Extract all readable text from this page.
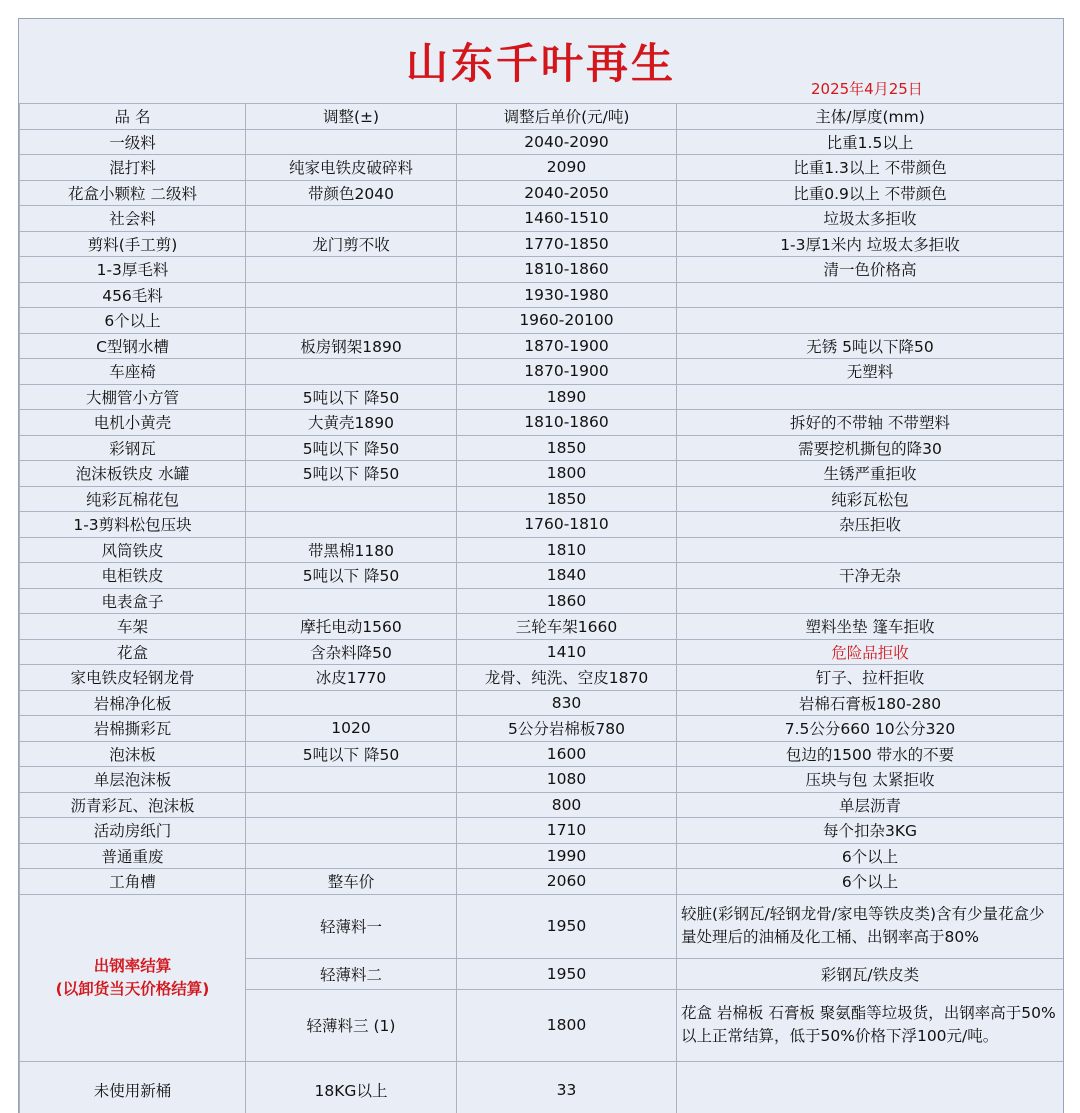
山东千叶再生
2025年4月25日
品 名	调整(±)	调整后单价(元/吨)	主体/厚度(mm)
一级料		2040-2090	比重1.5以上
混打料	纯家电铁皮破碎料	2090	比重1.3以上 不带颜色
花盒小颗粒 二级料	带颜色2040	2040-2050	比重0.9以上 不带颜色
社会料		1460-1510	垃圾太多拒收
剪料(手工剪)	龙门剪不收	1770-1850	1-3厚1米内 垃圾太多拒收
1-3厚毛料		1810-1860	清一色价格高
456毛料		1930-1980	
6个以上		1960-20100	
C型钢水槽	板房钢架1890	1870-1900	无锈 5吨以下降50
车座椅		1870-1900	无塑料
大棚管小方管	5吨以下 降50	1890	
电机小黄壳	大黄壳1890	1810-1860	拆好的不带轴 不带塑料
彩钢瓦	5吨以下 降50	1850	需要挖机撕包的降30
泡沫板铁皮 水罐	5吨以下 降50	1800	生锈严重拒收
纯彩瓦棉花包		1850	纯彩瓦松包
1-3剪料松包压块		1760-1810	杂压拒收
风筒铁皮	带黑棉1180	1810	
电柜铁皮	5吨以下 降50	1840	干净无杂
电表盒子		1860	
车架	摩托电动1560	三轮车架1660	塑料坐垫 篷车拒收
花盒	含杂料降50	1410	危险品拒收
家电铁皮轻钢龙骨	冰皮1770	龙骨、纯洗、空皮1870	钉子、拉杆拒收
岩棉净化板		830	岩棉石膏板180-280
岩棉撕彩瓦	1020	5公分岩棉板780	7.5公分660 10公分320
泡沫板	5吨以下 降50	1600	包边的1500 带水的不要
单层泡沫板		1080	压块与包 太紧拒收
沥青彩瓦、泡沫板		800	单层沥青
活动房纸门		1710	每个扣杂3KG
普通重废		1990	6个以上
工角槽	整车价	2060	6个以上
出钢率结算
(以卸货当天价格结算)	轻薄料一	1950	较脏(彩钢瓦/轻钢龙骨/家电等铁皮类)含有少量花盒少量处理后的油桶及化工桶、出钢率高于80%
	轻薄料二	1950	彩钢瓦/铁皮类
	轻薄料三 (1)	1800	花盒 岩棉板 石膏板 聚氨酯等垃圾货，出钢率高于50%以上正常结算，低于50%价格下浮100元/吨。
未使用新桶	18KG以上	33	
